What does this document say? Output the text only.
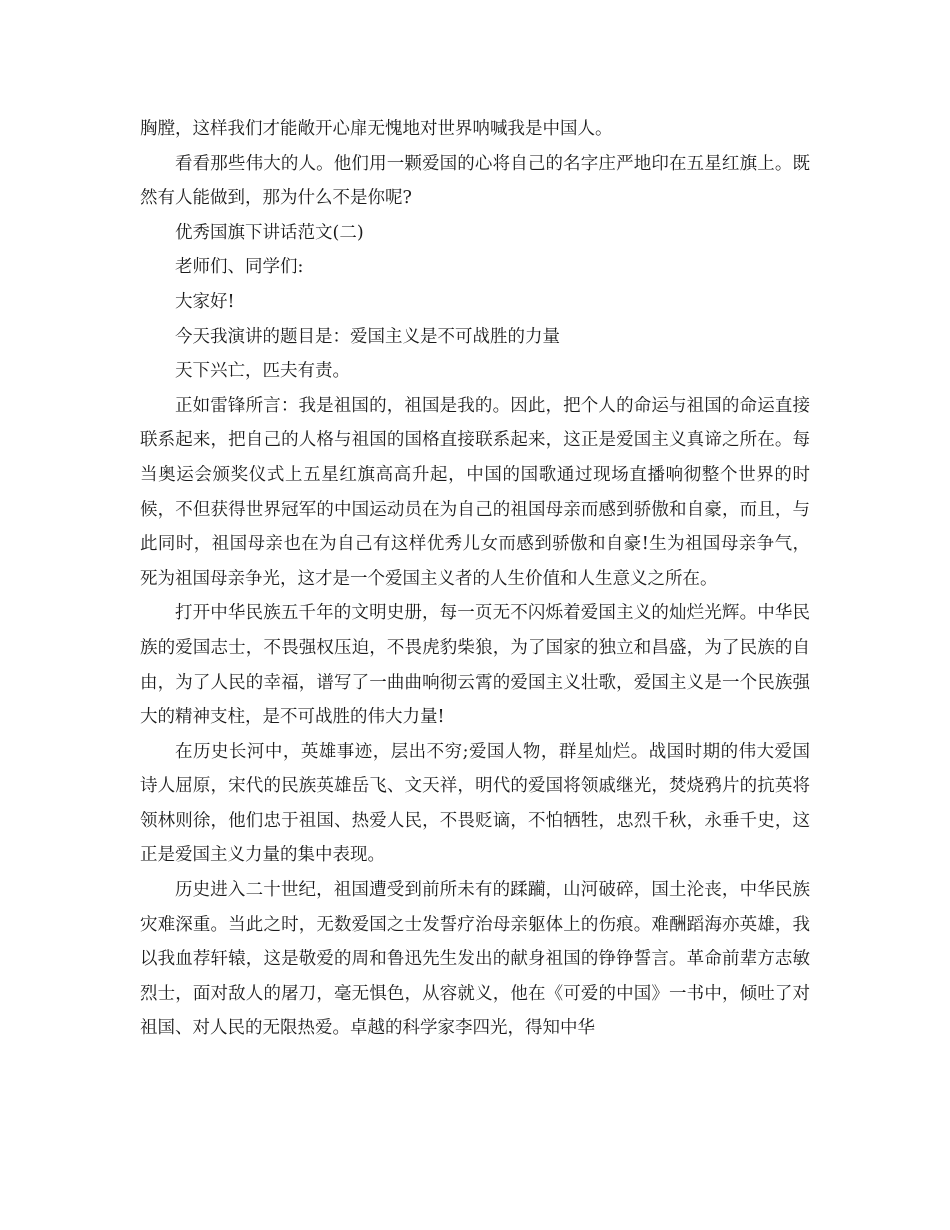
胸膛，这样我们才能敞开心扉无愧地对世界呐喊我是中国人。

看看那些伟大的人。他们用一颗爱国的心将自己的名字庄严地印在五星红旗上。既然有人能做到，那为什么不是你呢?

优秀国旗下讲话范文(二)

老师们、同学们:

大家好!

今天我演讲的题目是：爱国主义是不可战胜的力量

天下兴亡，匹夫有责。

正如雷锋所言：我是祖国的，祖国是我的。因此，把个人的命运与祖国的命运直接联系起来，把自己的人格与祖国的国格直接联系起来，这正是爱国主义真谛之所在。每当奥运会颁奖仪式上五星红旗高高升起，中国的国歌通过现场直播响彻整个世界的时候，不但获得世界冠军的中国运动员在为自己的祖国母亲而感到骄傲和自豪，而且，与此同时，祖国母亲也在为自己有这样优秀儿女而感到骄傲和自豪!生为祖国母亲争气，死为祖国母亲争光，这才是一个爱国主义者的人生价值和人生意义之所在。

打开中华民族五千年的文明史册，每一页无不闪烁着爱国主义的灿烂光辉。中华民族的爱国志士，不畏强权压迫，不畏虎豹柴狼，为了国家的独立和昌盛，为了民族的自由，为了人民的幸福，谱写了一曲曲响彻云霄的爱国主义壮歌，爱国主义是一个民族强大的精神支柱，是不可战胜的伟大力量!

在历史长河中，英雄事迹，层出不穷;爱国人物，群星灿烂。战国时期的伟大爱国诗人屈原，宋代的民族英雄岳飞、文天祥，明代的爱国将领戚继光，焚烧鸦片的抗英将领林则徐，他们忠于祖国、热爱人民，不畏贬谪，不怕牺牲，忠烈千秋，永垂千史，这正是爱国主义力量的集中表现。

历史进入二十世纪，祖国遭受到前所未有的蹂躏，山河破碎，国土沦丧，中华民族灾难深重。当此之时，无数爱国之士发誓疗治母亲躯体上的伤痕。难酬蹈海亦英雄，我以我血荐轩辕，这是敬爱的周和鲁迅先生发出的献身祖国的铮铮誓言。革命前辈方志敏烈士，面对敌人的屠刀，毫无惧色，从容就义，他在《可爱的中国》一书中，倾吐了对祖国、对人民的无限热爱。卓越的科学家李四光，得知中华
